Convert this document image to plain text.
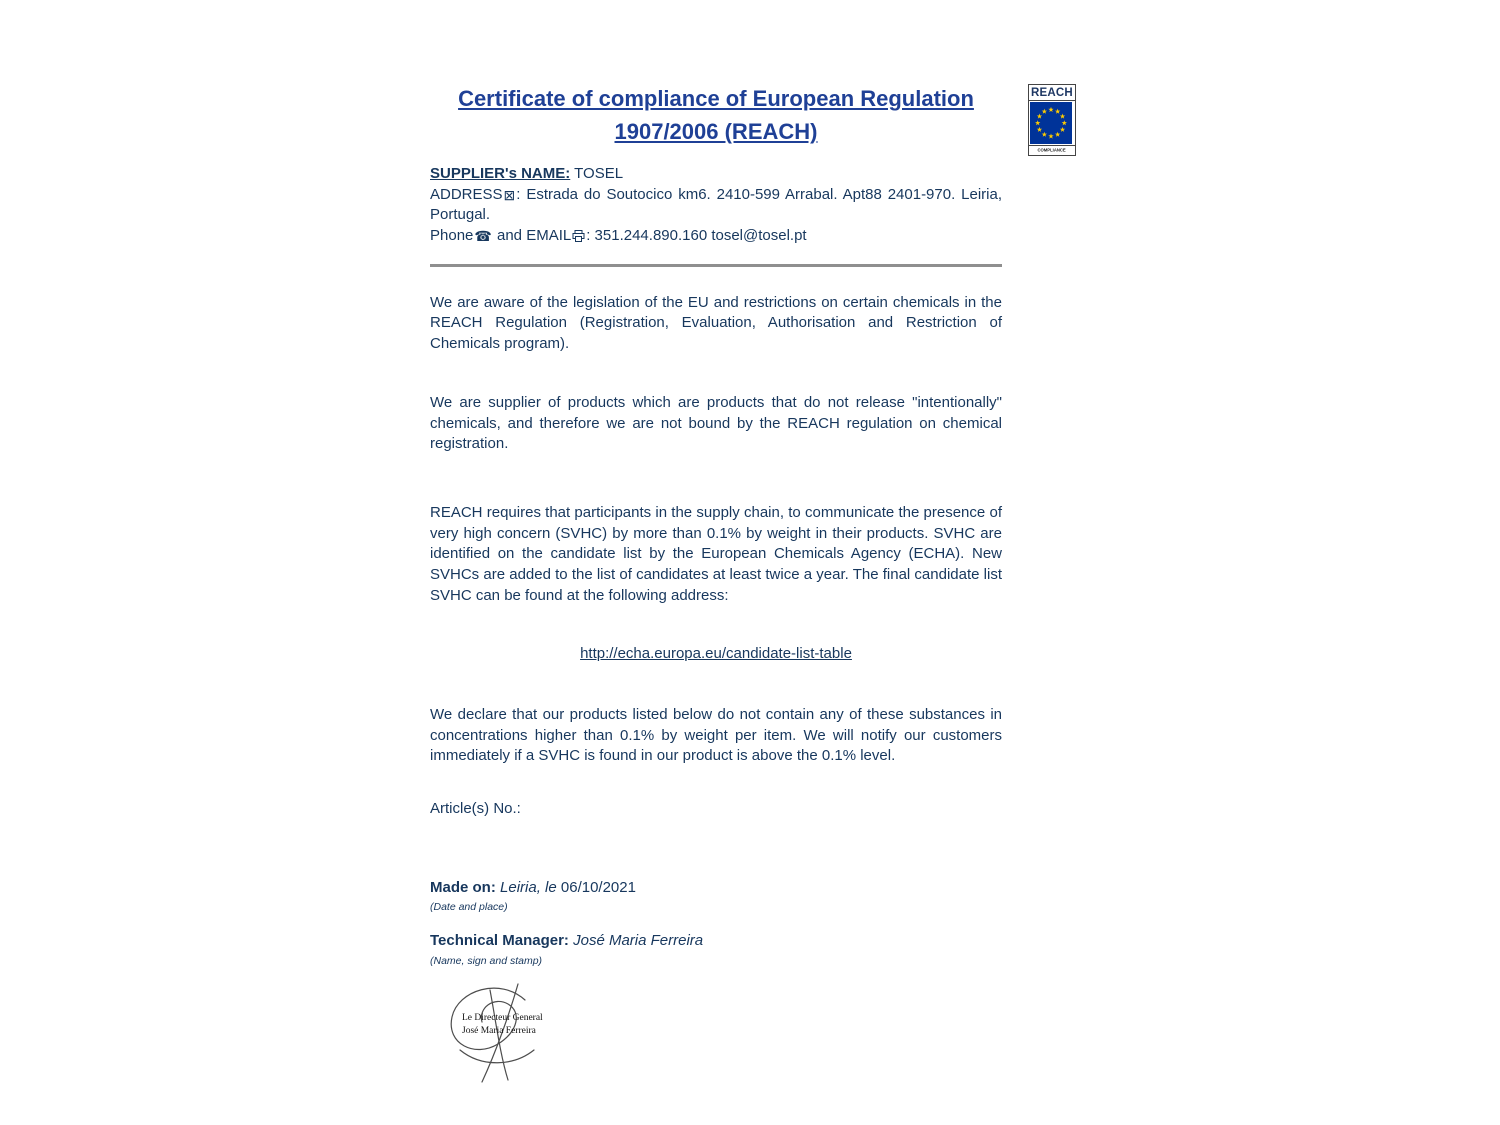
REACH
COMPLIANCE
Certificate of compliance of European Regulation
1907/2006 (REACH)

SUPPLIER's NAME: TOSEL

ADDRESS⊠: Estrada do Soutocico km6. 2410-599 Arrabal. Apt88 2401-970. Leiria, Portugal.

Phone☎ and EMAIL : 351.244.890.160 tosel@tosel.pt

We are aware of the legislation of the EU and restrictions on certain chemicals in the REACH Regulation (Registration, Evaluation, Authorisation and Restriction of Chemicals program).

We are supplier of products which are products that do not release "intentionally" chemicals, and therefore we are not bound by the REACH regulation on chemical registration.

REACH requires that participants in the supply chain, to communicate the presence of very high concern (SVHC) by more than 0.1% by weight in their products. SVHC are identified on the candidate list by the European Chemicals Agency (ECHA). New SVHCs are added to the list of candidates at least twice a year. The final candidate list SVHC can be found at the following address:

http://echa.europa.eu/candidate-list-table

We declare that our products listed below do not contain any of these substances in concentrations higher than 0.1% by weight per item. We will notify our customers immediately if a SVHC is found in our product is above the 0.1% level.

Article(s) No.:

Made on: Leiria, le 06/10/2021

(Date and place)

Technical Manager: José Maria Ferreira

(Name, sign and stamp)

Le Directeur General
José Maria Ferreira
